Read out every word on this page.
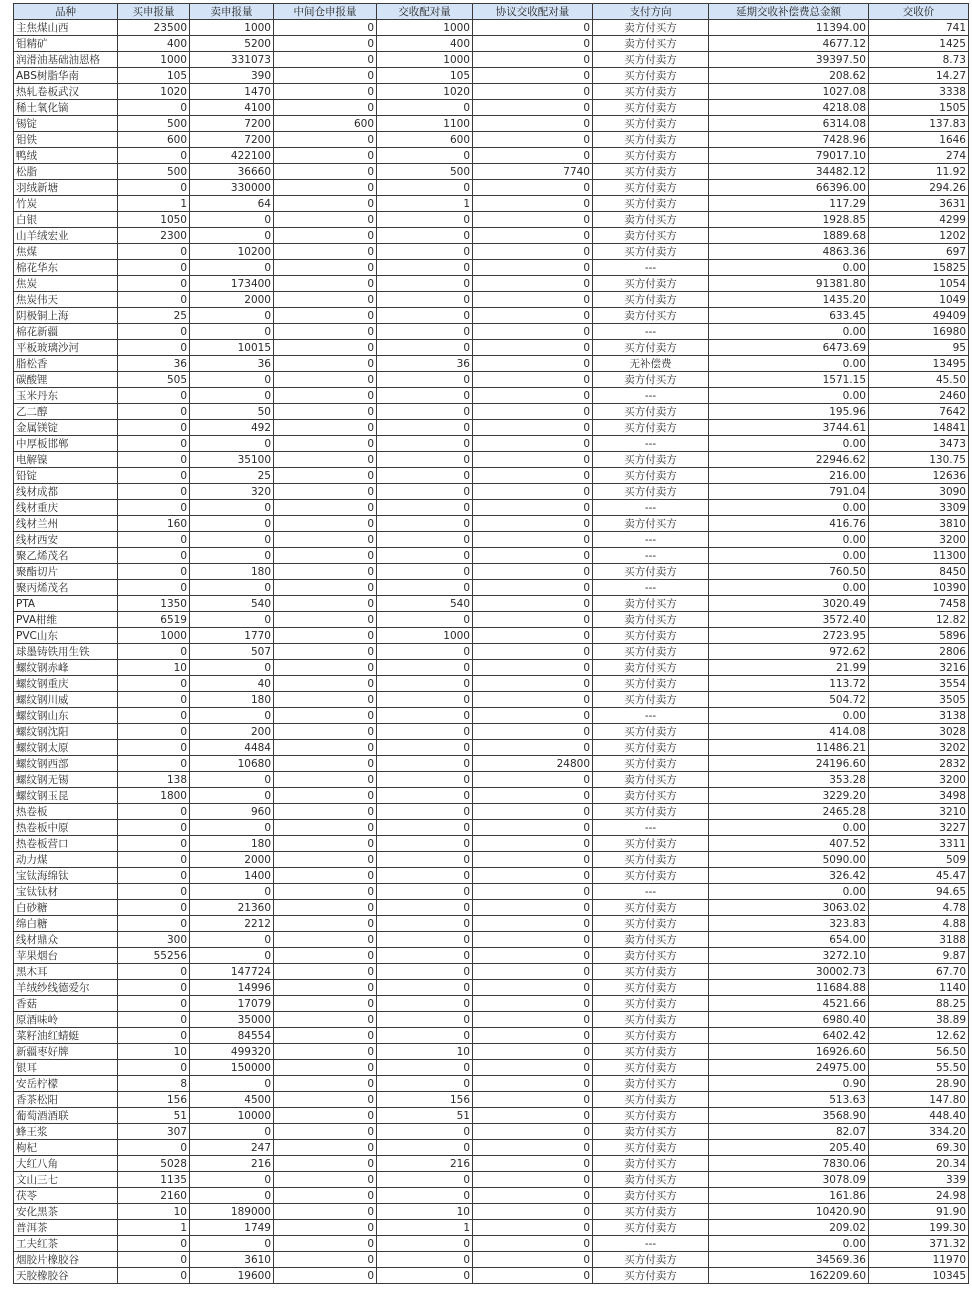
品种	买申报量	卖申报量	中间仓申报量	交收配对量	协议交收配对量	支付方向	延期交收补偿费总金额	交收价
主焦煤山西	23500	1000	0	1000	0	卖方付买方	11394.00	741
钼精矿	400	5200	0	400	0	卖方付买方	4677.12	1425
润滑油基础油恩格	1000	331073	0	1000	0	买方付卖方	39397.50	8.73
ABS树脂华南	105	390	0	105	0	买方付卖方	208.62	14.27
热轧卷板武汉	1020	1470	0	1020	0	买方付卖方	1027.08	3338
稀土氧化镝	0	4100	0	0	0	买方付卖方	4218.08	1505
锡锭	500	7200	600	1100	0	买方付卖方	6314.08	137.83
钼铁	600	7200	0	600	0	买方付卖方	7428.96	1646
鸭绒	0	422100	0	0	0	买方付卖方	79017.10	274
松脂	500	36660	0	500	7740	买方付卖方	34482.12	11.92
羽绒新塘	0	330000	0	0	0	买方付卖方	66396.00	294.26
竹炭	1	64	0	1	0	买方付卖方	117.29	3631
白银	1050	0	0	0	0	卖方付买方	1928.85	4299
山羊绒宏业	2300	0	0	0	0	卖方付买方	1889.68	1202
焦煤	0	10200	0	0	0	买方付卖方	4863.36	697
棉花华东	0	0	0	0	0	---	0.00	15825
焦炭	0	173400	0	0	0	买方付卖方	91381.80	1054
焦炭伟天	0	2000	0	0	0	买方付卖方	1435.20	1049
阴极铜上海	25	0	0	0	0	卖方付买方	633.45	49409
棉花新疆	0	0	0	0	0	---	0.00	16980
平板玻璃沙河	0	10015	0	0	0	买方付卖方	6473.69	95
脂松香	36	36	0	36	0	无补偿费	0.00	13495
碳酸锂	505	0	0	0	0	卖方付买方	1571.15	45.50
玉米丹东	0	0	0	0	0	---	0.00	2460
乙二醇	0	50	0	0	0	买方付卖方	195.96	7642
金属镁锭	0	492	0	0	0	买方付卖方	3744.61	14841
中厚板邯郸	0	0	0	0	0	---	0.00	3473
电解镍	0	35100	0	0	0	买方付卖方	22946.62	130.75
铅锭	0	25	0	0	0	买方付卖方	216.00	12636
线材成都	0	320	0	0	0	买方付卖方	791.04	3090
线材重庆	0	0	0	0	0	---	0.00	3309
线材兰州	160	0	0	0	0	卖方付买方	416.76	3810
线材西安	0	0	0	0	0	---	0.00	3200
聚乙烯茂名	0	0	0	0	0	---	0.00	11300
聚酯切片	0	180	0	0	0	买方付卖方	760.50	8450
聚丙烯茂名	0	0	0	0	0	---	0.00	10390
PTA	1350	540	0	540	0	卖方付买方	3020.49	7458
PVA柑维	6519	0	0	0	0	卖方付买方	3572.40	12.82
PVC山东	1000	1770	0	1000	0	买方付卖方	2723.95	5896
球墨铸铁用生铁	0	507	0	0	0	买方付卖方	972.62	2806
螺纹钢赤峰	10	0	0	0	0	卖方付买方	21.99	3216
螺纹钢重庆	0	40	0	0	0	买方付卖方	113.72	3554
螺纹钢川威	0	180	0	0	0	买方付卖方	504.72	3505
螺纹钢山东	0	0	0	0	0	---	0.00	3138
螺纹钢沈阳	0	200	0	0	0	买方付卖方	414.08	3028
螺纹钢太原	0	4484	0	0	0	买方付卖方	11486.21	3202
螺纹钢西部	0	10680	0	0	24800	买方付卖方	24196.60	2832
螺纹钢无锡	138	0	0	0	0	卖方付买方	353.28	3200
螺纹钢玉昆	1800	0	0	0	0	卖方付买方	3229.20	3498
热卷板	0	960	0	0	0	买方付卖方	2465.28	3210
热卷板中原	0	0	0	0	0	---	0.00	3227
热卷板营口	0	180	0	0	0	买方付卖方	407.52	3311
动力煤	0	2000	0	0	0	买方付卖方	5090.00	509
宝钛海绵钛	0	1400	0	0	0	买方付卖方	326.42	45.47
宝钛钛材	0	0	0	0	0	---	0.00	94.65
白砂糖	0	21360	0	0	0	买方付卖方	3063.02	4.78
绵白糖	0	2212	0	0	0	买方付卖方	323.83	4.88
线材鼎众	300	0	0	0	0	卖方付买方	654.00	3188
苹果烟台	55256	0	0	0	0	卖方付买方	3272.10	9.87
黑木耳	0	147724	0	0	0	买方付卖方	30002.73	67.70
羊绒纱线德爱尔	0	14996	0	0	0	买方付卖方	11684.88	1140
香菇	0	17079	0	0	0	买方付卖方	4521.66	88.25
原酒味岭	0	35000	0	0	0	买方付卖方	6980.40	38.89
菜籽油红蜻蜓	0	84554	0	0	0	买方付卖方	6402.42	12.62
新疆枣好牌	10	499320	0	10	0	买方付卖方	16926.60	56.50
银耳	0	150000	0	0	0	买方付卖方	24975.00	55.50
安岳柠檬	8	0	0	0	0	卖方付买方	0.90	28.90
香茶松阳	156	4500	0	156	0	买方付卖方	513.63	147.80
葡萄酒酒联	51	10000	0	51	0	买方付卖方	3568.90	448.40
蜂王浆	307	0	0	0	0	卖方付买方	82.07	334.20
枸杞	0	247	0	0	0	买方付卖方	205.40	69.30
大红八角	5028	216	0	216	0	卖方付买方	7830.06	20.34
文山三七	1135	0	0	0	0	卖方付买方	3078.09	339
茯苓	2160	0	0	0	0	卖方付买方	161.86	24.98
安化黑茶	10	189000	0	10	0	买方付卖方	10420.90	91.90
普洱茶	1	1749	0	1	0	买方付卖方	209.02	199.30
工夫红茶	0	0	0	0	0	---	0.00	371.32
烟胶片橡胶谷	0	3610	0	0	0	买方付卖方	34569.36	11970
天胶橡胶谷	0	19600	0	0	0	买方付卖方	162209.60	10345
